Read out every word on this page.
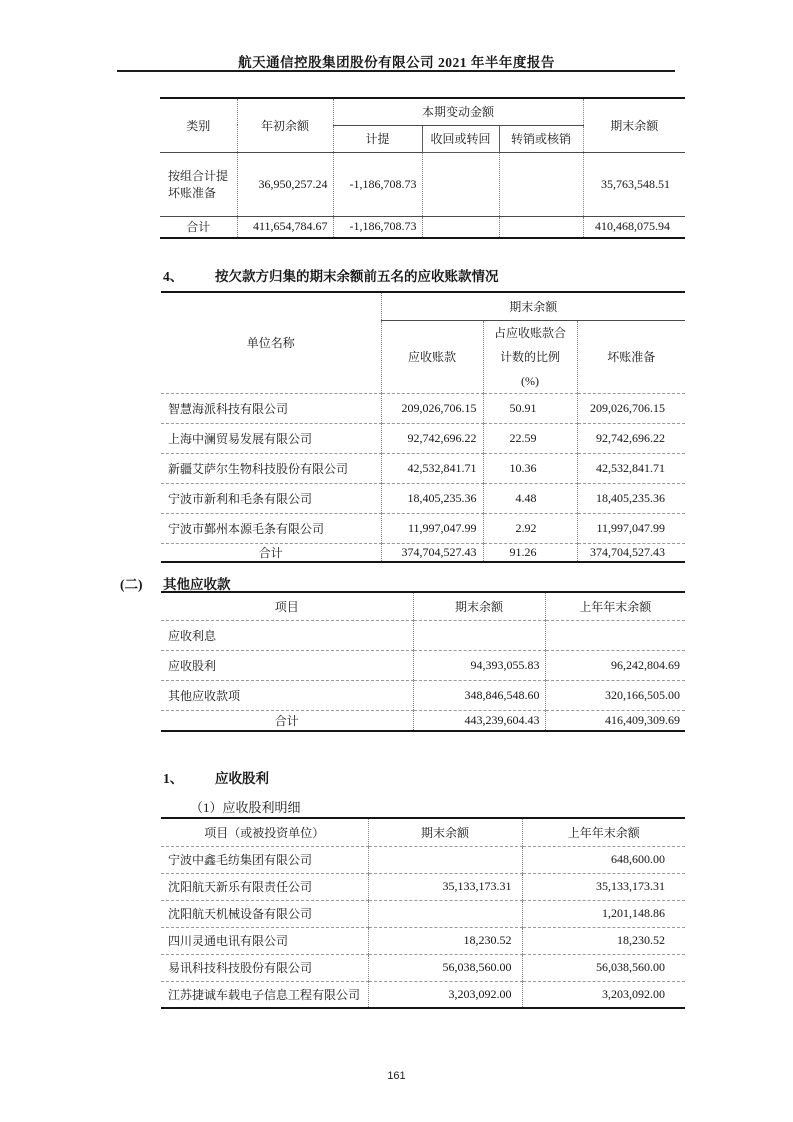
航天通信控股集团股份有限公司 2021 年半年度报告
类别	年初余额	本期变动金额			期末余额
		计提	收回或转回	转销或核销	
按组合计提坏账准备	36,950,257.24	-1,186,708.73			35,763,548.51
合计	411,654,784.67	-1,186,708.73			410,468,075.94
4、 按欠款方归集的期末余额前五名的应收账款情况
单位名称	期末余额		
	应收账款	占应收账款合计数的比例(%)	坏账准备
智慧海派科技有限公司	209,026,706.15	50.91	209,026,706.15
上海中澜贸易发展有限公司	92,742,696.22	22.59	92,742,696.22
新疆艾萨尔生物科技股份有限公司	42,532,841.71	10.36	42,532,841.71
宁波市新利和毛条有限公司	18,405,235.36	4.48	18,405,235.36
宁波市鄞州本源毛条有限公司	11,997,047.99	2.92	11,997,047.99
合计	374,704,527.43	91.26	374,704,527.43
(二) 其他应收款
项目	期末余额	上年年末余额
应收利息		
应收股利	94,393,055.83	96,242,804.69
其他应收款项	348,846,548.60	320,166,505.00
合计	443,239,604.43	416,409,309.69
1、 应收股利
（1）应收股利明细
项目（或被投资单位）	期末余额	上年年末余额
宁波中鑫毛纺集团有限公司		648,600.00
沈阳航天新乐有限责任公司	35,133,173.31	35,133,173.31
沈阳航天机械设备有限公司		1,201,148.86
四川灵通电讯有限公司	18,230.52	18,230.52
易讯科技科技股份有限公司	56,038,560.00	56,038,560.00
江苏捷诚车载电子信息工程有限公司	3,203,092.00	3,203,092.00
161
